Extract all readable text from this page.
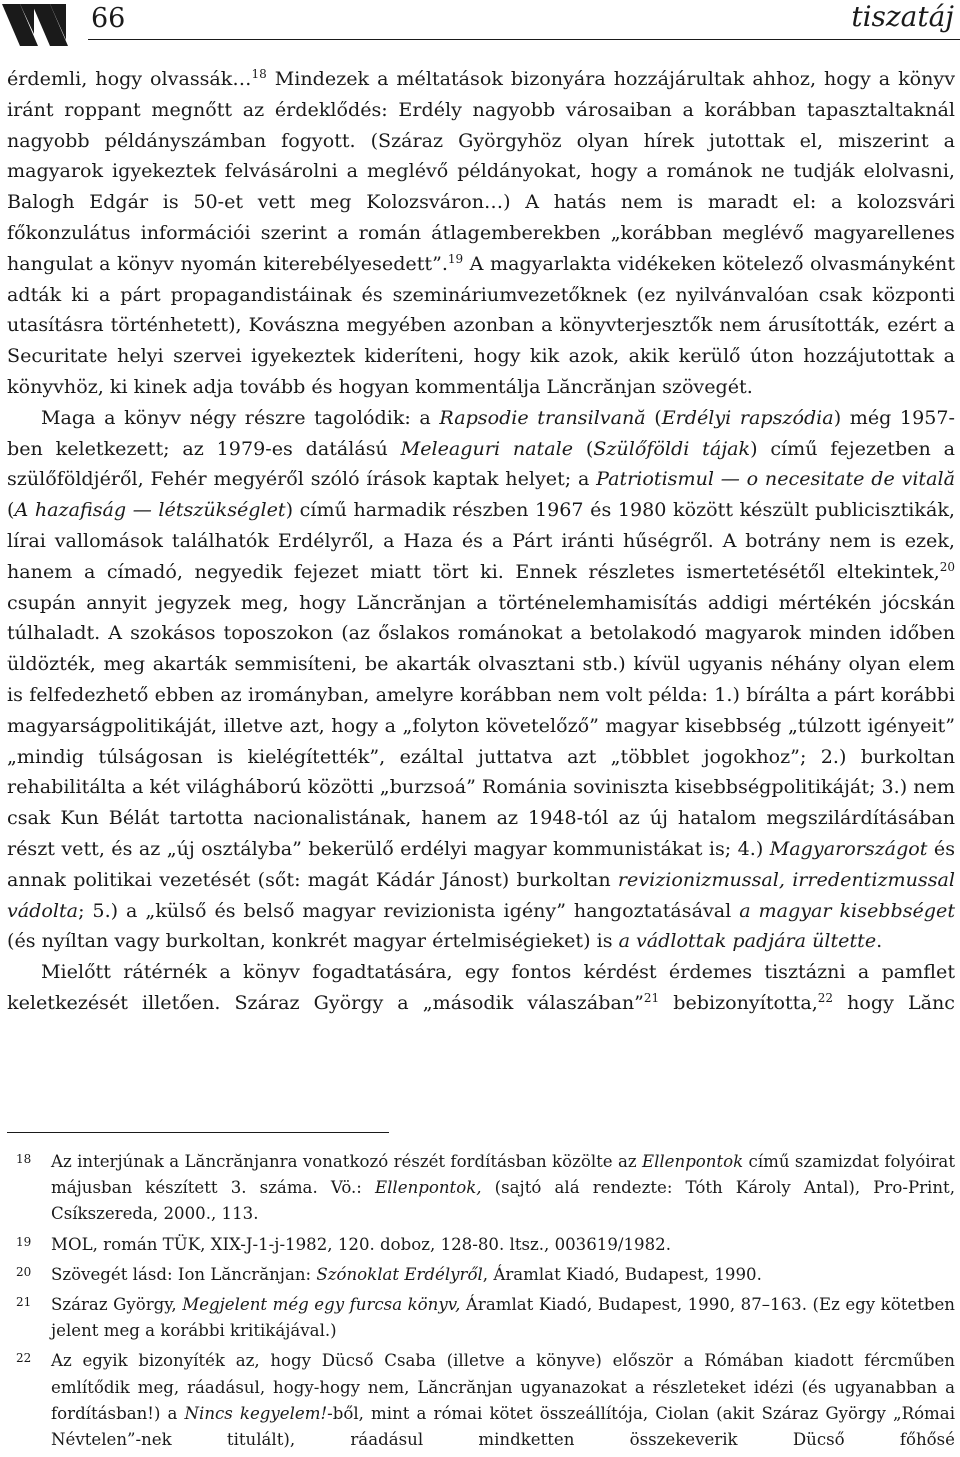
66	tiszatáj

érdemli, hogy olvassák…$^{18}$ Mindezek a méltatások bizonyára hozzájárultak ahhoz, hogy a könyv iránt roppant megnőtt az érdeklődés: Erdély nagyobb városaiban a korábban tapasztaltaknál nagyobb példányszámban fogyott. (Száraz Györgyhöz olyan hírek jutottak el, miszerint a magyarok igyekeztek felvásárolni a meglévő példányokat, hogy a románok ne tudják elolvasni, Balogh Edgár is 50-et vett meg Kolozsváron…) A hatás nem is maradt el: a kolozsvári főkonzulátus információi szerint a román átlagemberekben „korábban meglévő magyarellenes hangulat a könyv nyomán kiterebélyesedett”.$^{19}$ A magyarlakta vidékeken kötelező olvasmányként adták ki a párt propagandistáinak és szemináriumvezetőknek (ez nyilvánvalóan csak központi utasításra történhetett), Kovászna megyében azonban a könyvterjesztők nem árusították, ezért a Securitate helyi szervei igyekeztek kideríteni, hogy kik azok, akik kerülő úton hozzájutottak a könyvhöz, ki kinek adja tovább és hogyan kommentálja Lăncrănjan szövegét.

Maga a könyv négy részre tagolódik: a Rapsodie transilvană (Erdélyi rapszódia) még 1957-ben keletkezett; az 1979-es datálású Meleaguri natale (Szülőföldi tájak) című fejezetben a szülőföldjéről, Fehér megyéről szóló írások kaptak helyet; a Patriotismul — o necesitate de vitală (A hazafiság — létszükséglet) című harmadik részben 1967 és 1980 között készült publicisztikák, lírai vallomások találhatók Erdélyről, a Haza és a Párt iránti hűségről. A botrány nem is ezek, hanem a címadó, negyedik fejezet miatt tört ki. Ennek részletes ismertetésétől eltekintek,$^{20}$ csupán annyit jegyzek meg, hogy Lăncrănjan a történelemhamisítás addigi mértékén jócskán túlhaladt. A szokásos toposzokon (az őslakos románokat a betolakodó magyarok minden időben üldözték, meg akarták semmisíteni, be akarták olvasztani stb.) kívül ugyanis néhány olyan elem is felfedezhető ebben az irományban, amelyre korábban nem volt példa: 1.) bírálta a párt korábbi magyarságpolitikáját, illetve azt, hogy a „folyton követelőző” magyar kisebbség „túlzott igényeit” „mindig túlságosan is kielégítették”, ezáltal juttatva azt „többlet jogokhoz”; 2.) burkoltan rehabilitálta a két világháború közötti „burzsoá” Románia soviniszta kisebbségpolitikáját; 3.) nem csak Kun Bélát tartotta nacionalistának, hanem az 1948-tól az új hatalom megszilárdításában részt vett, és az „új osztályba” bekerülő erdélyi magyar kommunistákat is; 4.) Magyarországot és annak politikai vezetését (sőt: magát Kádár Jánost) burkoltan revizionizmussal, irredentizmussal vádolta; 5.) a „külső és belső magyar revizionista igény” hangoztatásával a magyar kisebbséget (és nyíltan vagy burkoltan, konkrét magyar értelmiségieket) is a vádlottak padjára ültette.

Mielőtt rátérnék a könyv fogadtatására, egy fontos kérdést érdemes tisztázni a pamflet keletkezését illetően. Száraz György a „második válaszában”$^{21}$ bebizonyította,$^{22}$ hogy Lănc

18 Az interjúnak a Lăncrănjanra vonatkozó részét fordításban közölte az Ellenpontok című szamizdat folyóirat májusban készített 3. száma. Vö.: Ellenpontok, (sajtó alá rendezte: Tóth Károly Antal), Pro-Print, Csíkszereda, 2000., 113.
19 MOL, román TÜK, XIX-J-1-j-1982, 120. doboz, 128-80. ltsz., 003619/1982.
20 Szövegét lásd: Ion Lăncrănjan: Szónoklat Erdélyről, Áramlat Kiadó, Budapest, 1990.
21 Száraz György, Megjelent még egy furcsa könyv, Áramlat Kiadó, Budapest, 1990, 87–163. (Ez egy kötetben jelent meg a korábbi kritikájával.)
22 Az egyik bizonyíték az, hogy Dücső Csaba (illetve a könyve) először a Rómában kiadott fércműben említődik meg, ráadásul, hogy-hogy nem, Lăncrănjan ugyanazokat a részleteket idézi (és ugyanabban a fordításban!) a Nincs kegyelem!-ből, mint a római kötet összeállítója, Ciolan (akit Száraz György „Római Névtelen”-nek titulált), ráadásul mindketten összekeverik Dücső főhősé
